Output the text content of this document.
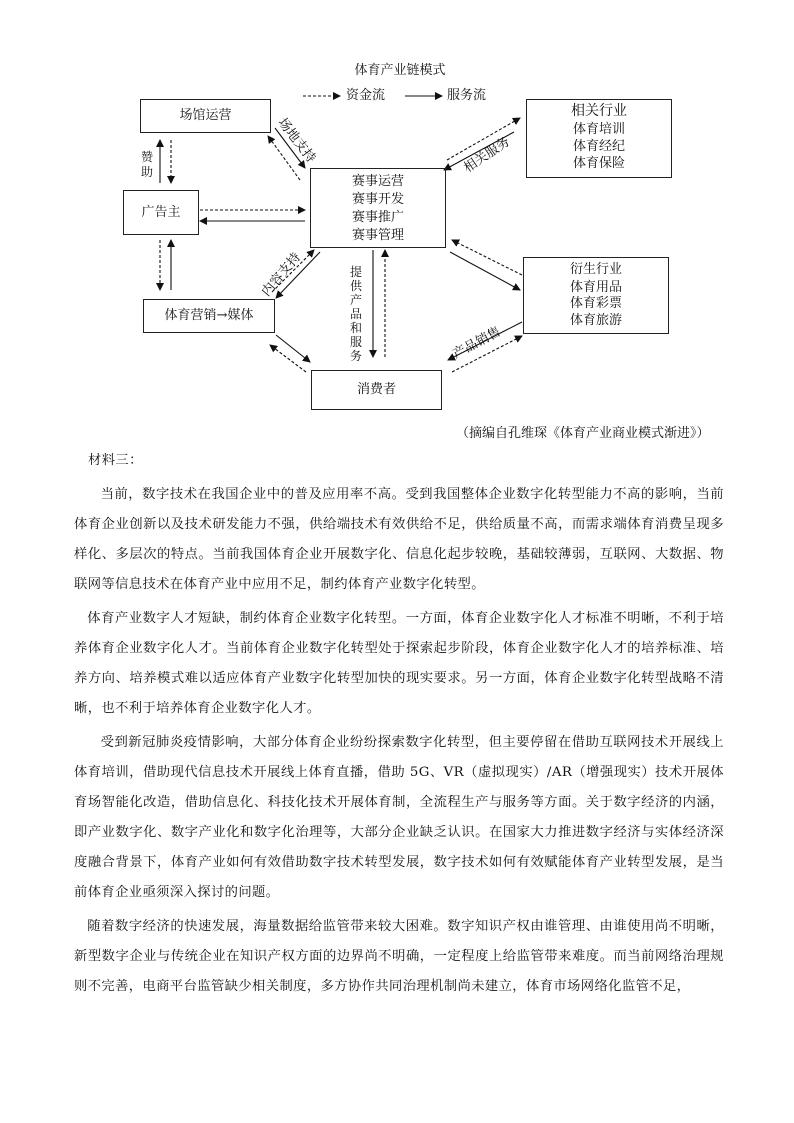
体育产业链模式
资金流	服务流
场馆运营
广告主
体育营销→媒体
消费者
赛事运营
赛事开发
赛事推广
赛事管理
相关行业
体育培训
体育经纪
体育保险
衍生行业
体育用品
体育彩票
体育旅游
赞助
场地支持
内容支持
相关服务
产品销售
提供产品和服务
（摘编自孔维琛《体育产业商业模式渐进》）
材料三：
当前，数字技术在我国企业中的普及应用率不高。受到我国整体企业数字化转型能力不高的影响，当前体育企业创新以及技术研发能力不强，供给端技术有效供给不足，供给质量不高，而需求端体育消费呈现多样化、多层次的特点。当前我国体育企业开展数字化、信息化起步较晚，基础较薄弱，互联网、大数据、物联网等信息技术在体育产业中应用不足，制约体育产业数字化转型。
体育产业数字人才短缺，制约体育企业数字化转型。一方面，体育企业数字化人才标准不明晰，不利于培养体育企业数字化人才。当前体育企业数字化转型处于探索起步阶段，体育企业数字化人才的培养标准、培养方向、培养模式难以适应体育产业数字化转型加快的现实要求。另一方面，体育企业数字化转型战略不清晰，也不利于培养体育企业数字化人才。
受到新冠肺炎疫情影响，大部分体育企业纷纷探索数字化转型，但主要停留在借助互联网技术开展线上体育培训，借助现代信息技术开展线上体育直播，借助 5G、VR（虚拟现实）/AR（增强现实）技术开展体育场智能化改造，借助信息化、科技化技术开展体育制，全流程生产与服务等方面。关于数字经济的内涵，即产业数字化、数字产业化和数字化治理等，大部分企业缺乏认识。在国家大力推进数字经济与实体经济深度融合背景下，体育产业如何有效借助数字技术转型发展，数字技术如何有效赋能体育产业转型发展，是当前体育企业亟须深入探讨的问题。
随着数字经济的快速发展，海量数据给监管带来较大困难。数字知识产权由谁管理、由谁使用尚不明晰，新型数字企业与传统企业在知识产权方面的边界尚不明确，一定程度上给监管带来难度。而当前网络治理规则不完善，电商平台监管缺少相关制度，多方协作共同治理机制尚未建立，体育市场网络化监管不足，
